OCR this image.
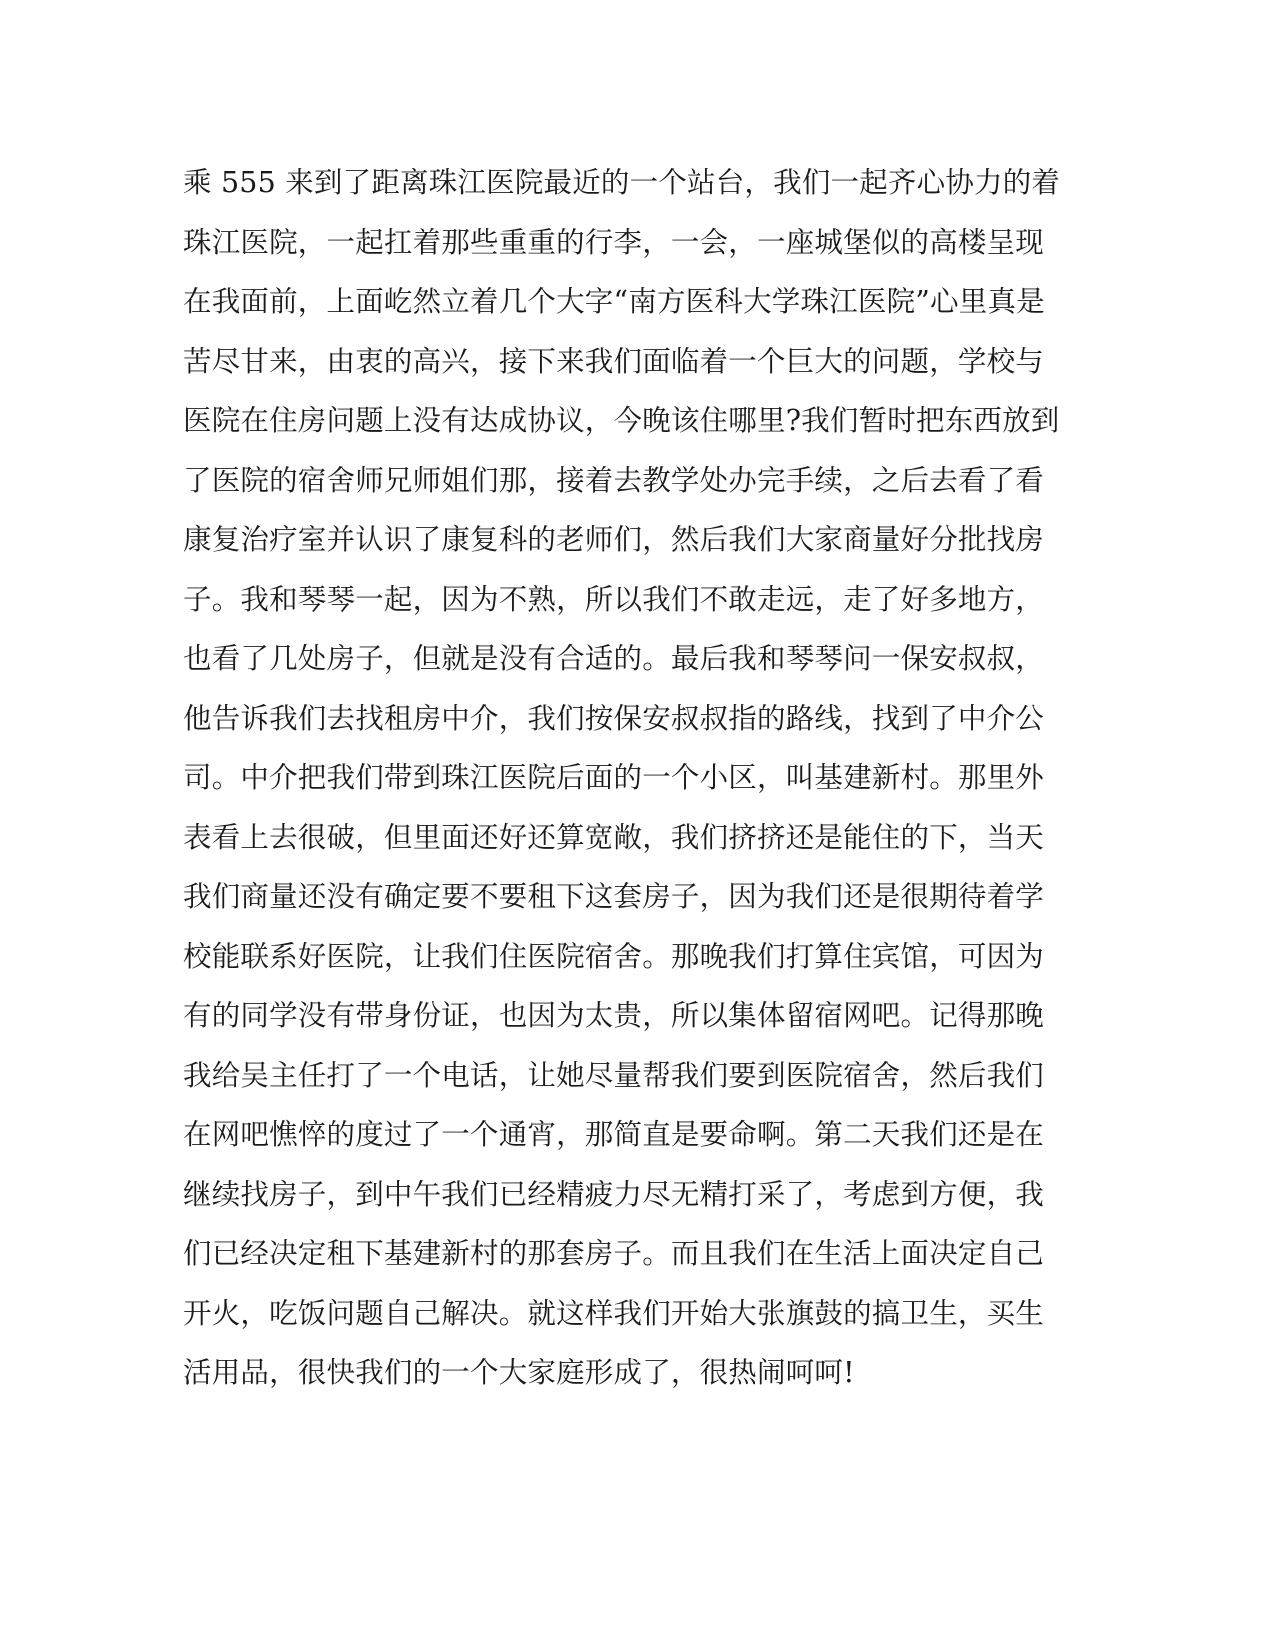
乘 555 来到了距离珠江医院最近的一个站台，我们一起齐心协力的着
珠江医院，一起扛着那些重重的行李，一会，一座城堡似的高楼呈现
在我面前，上面屹然立着几个大字“南方医科大学珠江医院”心里真是
苦尽甘来，由衷的高兴，接下来我们面临着一个巨大的问题，学校与
医院在住房问题上没有达成协议，今晚该住哪里?我们暂时把东西放到
了医院的宿舍师兄师姐们那，接着去教学处办完手续，之后去看了看
康复治疗室并认识了康复科的老师们，然后我们大家商量好分批找房
子。我和琴琴一起，因为不熟，所以我们不敢走远，走了好多地方，
也看了几处房子，但就是没有合适的。最后我和琴琴问一保安叔叔，
他告诉我们去找租房中介，我们按保安叔叔指的路线，找到了中介公
司。中介把我们带到珠江医院后面的一个小区，叫基建新村。那里外
表看上去很破，但里面还好还算宽敞，我们挤挤还是能住的下，当天
我们商量还没有确定要不要租下这套房子，因为我们还是很期待着学
校能联系好医院，让我们住医院宿舍。那晚我们打算住宾馆，可因为
有的同学没有带身份证，也因为太贵，所以集体留宿网吧。记得那晚
我给吴主任打了一个电话，让她尽量帮我们要到医院宿舍，然后我们
在网吧憔悴的度过了一个通宵，那简直是要命啊。第二天我们还是在
继续找房子，到中午我们已经精疲力尽无精打采了，考虑到方便，我
们已经决定租下基建新村的那套房子。而且我们在生活上面决定自己
开火，吃饭问题自己解决。就这样我们开始大张旗鼓的搞卫生，买生
活用品，很快我们的一个大家庭形成了，很热闹呵呵!
